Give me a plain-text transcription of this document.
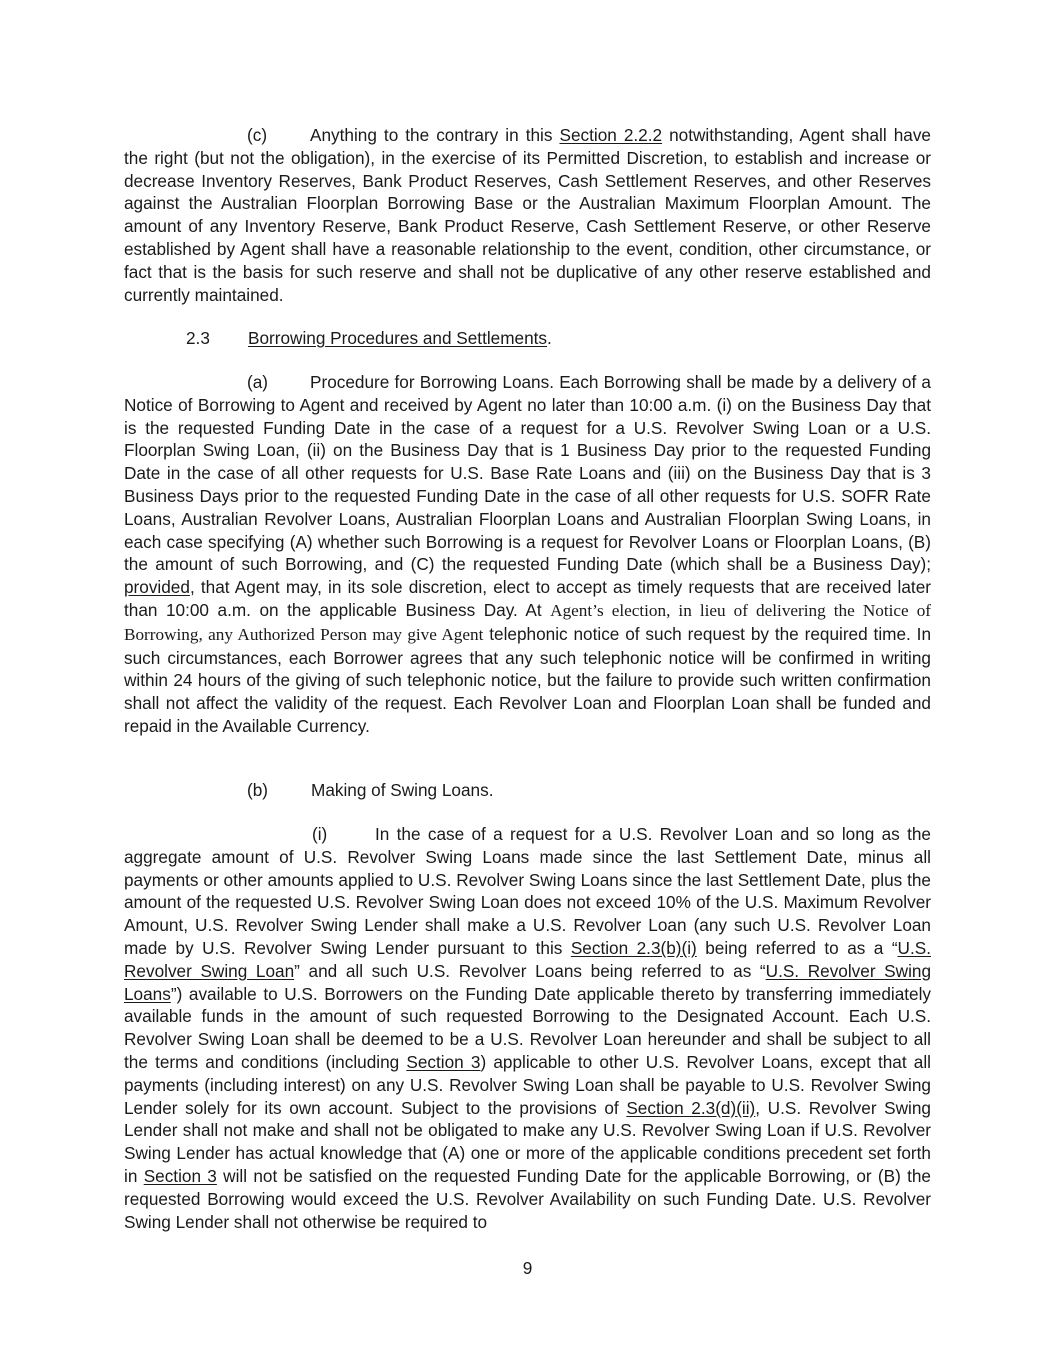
(c) Anything to the contrary in this Section 2.2.2 notwithstanding, Agent shall have the right (but not the obligation), in the exercise of its Permitted Discretion, to establish and increase or decrease Inventory Reserves, Bank Product Reserves, Cash Settlement Reserves, and other Reserves against the Australian Floorplan Borrowing Base or the Australian Maximum Floorplan Amount. The amount of any Inventory Reserve, Bank Product Reserve, Cash Settlement Reserve, or other Reserve established by Agent shall have a reasonable relationship to the event, condition, other circumstance, or fact that is the basis for such reserve and shall not be duplicative of any other reserve established and currently maintained.

2.3 Borrowing Procedures and Settlements.

(a) Procedure for Borrowing Loans. Each Borrowing shall be made by a delivery of a Notice of Borrowing to Agent and received by Agent no later than 10:00 a.m. (i) on the Business Day that is the requested Funding Date in the case of a request for a U.S. Revolver Swing Loan or a U.S. Floorplan Swing Loan, (ii) on the Business Day that is 1 Business Day prior to the requested Funding Date in the case of all other requests for U.S. Base Rate Loans and (iii) on the Business Day that is 3 Business Days prior to the requested Funding Date in the case of all other requests for U.S. SOFR Rate Loans, Australian Revolver Loans, Australian Floorplan Loans and Australian Floorplan Swing Loans, in each case specifying (A) whether such Borrowing is a request for Revolver Loans or Floorplan Loans, (B) the amount of such Borrowing, and (C) the requested Funding Date (which shall be a Business Day); provided, that Agent may, in its sole discretion, elect to accept as timely requests that are received later than 10:00 a.m. on the applicable Business Day. At Agent’s election, in lieu of delivering the Notice of Borrowing, any Authorized Person may give Agent telephonic notice of such request by the required time. In such circumstances, each Borrower agrees that any such telephonic notice will be confirmed in writing within 24 hours of the giving of such telephonic notice, but the failure to provide such written confirmation shall not affect the validity of the request. Each Revolver Loan and Floorplan Loan shall be funded and repaid in the Available Currency.

(b) Making of Swing Loans.

(i)	In the case of a request for a U.S. Revolver Loan and so long as the aggregate amount of U.S. Revolver Swing Loans made since the last Settlement Date, minus all payments or other amounts applied to U.S. Revolver Swing Loans since the last Settlement Date, plus the amount of the requested U.S. Revolver Swing Loan does not exceed 10% of the U.S. Maximum Revolver Amount, U.S. Revolver Swing Lender shall make a U.S. Revolver Loan (any such U.S. Revolver Loan made by U.S. Revolver Swing Lender pursuant to this Section 2.3(b)(i) being referred to as a “U.S. Revolver Swing Loan” and all such U.S. Revolver Loans being referred to as “U.S. Revolver Swing Loans”) available to U.S. Borrowers on the Funding Date applicable thereto by transferring immediately available funds in the amount of such requested Borrowing to the Designated Account. Each U.S. Revolver Swing Loan shall be deemed to be a U.S. Revolver Loan hereunder and shall be subject to all the terms and conditions (including Section 3) applicable to other U.S. Revolver Loans, except that all payments (including interest) on any U.S. Revolver Swing Loan shall be payable to U.S. Revolver Swing Lender solely for its own account. Subject to the provisions of Section 2.3(d)(ii), U.S. Revolver Swing Lender shall not make and shall not be obligated to make any U.S. Revolver Swing Loan if U.S. Revolver Swing Lender has actual knowledge that (A) one or more of the applicable conditions precedent set forth in Section 3 will not be satisfied on the requested Funding Date for the applicable Borrowing, or (B) the requested Borrowing would exceed the U.S. Revolver Availability on such Funding Date. U.S. Revolver Swing Lender shall not otherwise be required to

9
